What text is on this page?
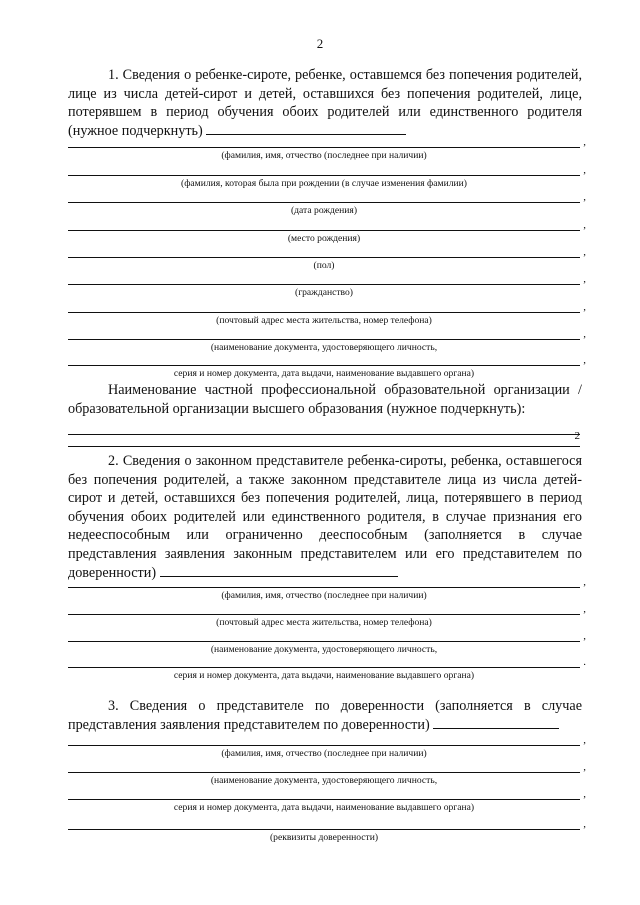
2

1. Сведения о ребенке-сироте, ребенке, оставшемся без попечения родителей, лице из числа детей-сирот и детей, оставшихся без попечения родителей, лице, потерявшем в период обучения обоих родителей или единственного родителя (нужное подчеркнуть)

,
(фамилия, имя, отчество (последнее при наличии)
,
(фамилия, которая была при рождении (в случае изменения фамилии)
,
(дата рождения)
,
(место рождения)
,
(пол)
,
(гражданство)
,
(почтовый адрес места жительства, номер телефона)
,
(наименование документа, удостоверяющего личность,
,
серия и номер документа, дата выдачи, наименование выдавшего органа)

Наименование частной профессиональной образовательной организации / образовательной организации высшего образования (нужное подчеркнуть):

2

2. Сведения о законном представителе ребенка-сироты, ребенка, оставшегося без попечения родителей, а также законном представителе лица из числа детей-сирот и детей, оставшихся без попечения родителей, лица, потерявшего в период обучения обоих родителей или единственного родителя, в случае признания его недееспособным или ограниченно дееспособным (заполняется в случае представления заявления законным представителем или его представителем по доверенности)

,
(фамилия, имя, отчество (последнее при наличии)
,
(почтовый адрес места жительства, номер телефона)
,
(наименование документа, удостоверяющего личность,
.
серия и номер документа, дата выдачи, наименование выдавшего органа)

3. Сведения о представителе по доверенности (заполняется в случае представления заявления представителем по доверенности)

,
(фамилия, имя, отчество (последнее при наличии)
,
(наименование документа, удостоверяющего личность,
,
серия и номер документа, дата выдачи, наименование выдавшего органа)
,
(реквизиты доверенности)
